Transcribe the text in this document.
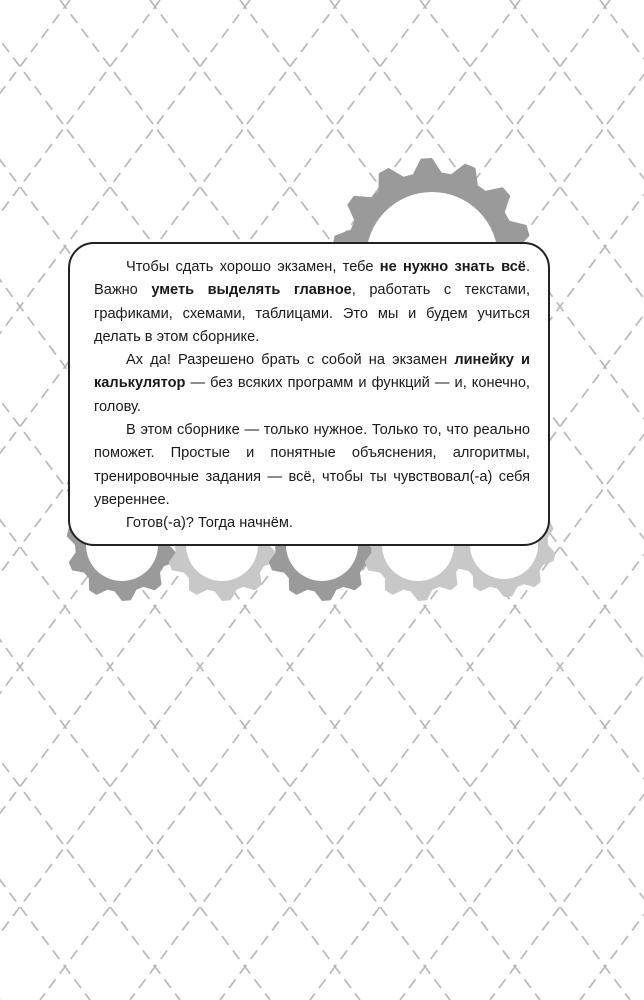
Чтобы сдать хорошо экзамен, тебе не нужно знать всё. Важно уметь выделять главное, работать с текстами, графиками, схемами, таблицами. Это мы и будем учиться делать в этом сборнике.

Ах да! Разрешено брать с собой на экзамен линейку и калькулятор — без всяких программ и функций — и, конечно, голову.

В этом сборнике — только нужное. Только то, что реально поможет. Простые и понятные объяснения, алгоритмы, тренировочные задания — всё, чтобы ты чувствовал(-а) себя увереннее.

Готов(-а)? Тогда начнём.
